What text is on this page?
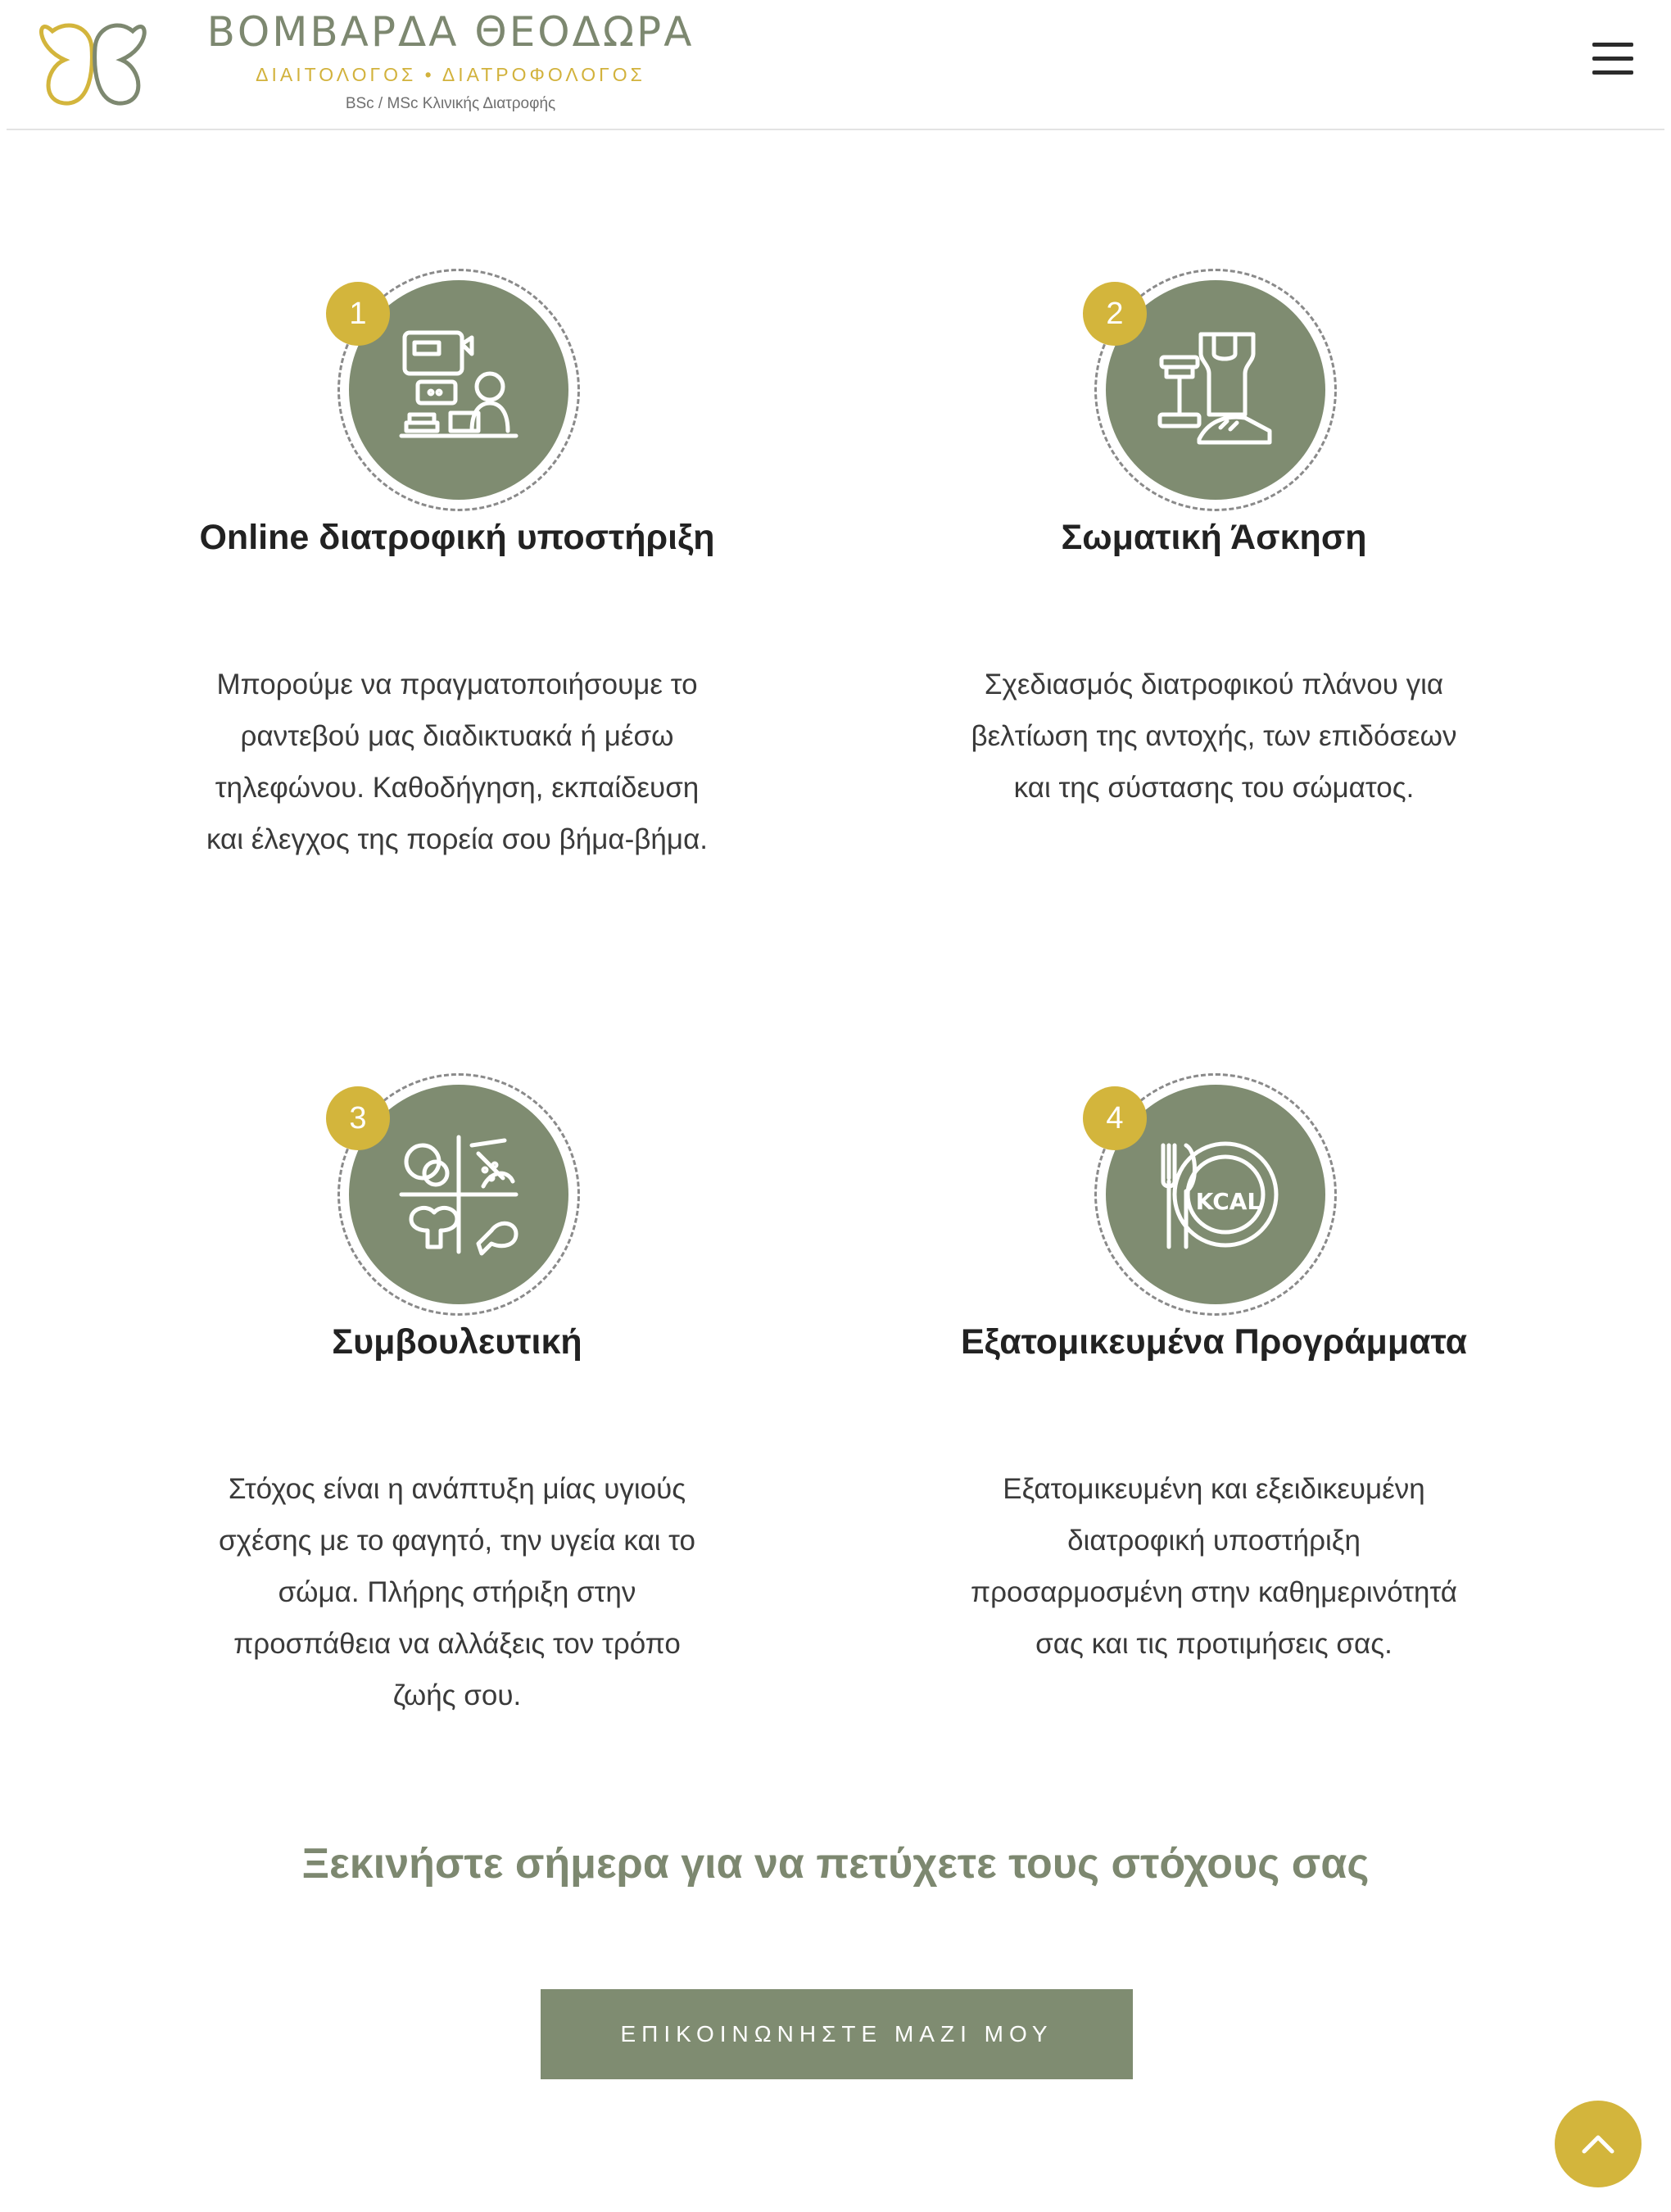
ΒΟΜΒΑΡΔΑ ΘΕΟΔΩΡΑ
ΔΙΑΙΤΟΛΟΓΟΣ • ΔΙΑΤΡΟΦΟΛΟΓΟΣ
BSc / MSc Κλινικής Διατροφής
1
Online διατροφική υποστήριξη
Μπορούμε να πραγματοποιήσουμε το
ραντεβού μας διαδικτυακά ή μέσω
τηλεφώνου. Καθοδήγηση, εκπαίδευση
και έλεγχος της πορεία σου βήμα-βήμα.
2
Σωματική Άσκηση
Σχεδιασμός διατροφικού πλάνου για
βελτίωση της αντοχής, των επιδόσεων
και της σύστασης του σώματος.
3
Συμβουλευτική
Στόχος είναι η ανάπτυξη μίας υγιούς
σχέσης με το φαγητό, την υγεία και το
σώμα. Πλήρης στήριξη στην
προσπάθεια να αλλάξεις τον τρόπο
ζωής σου.
KCAL
4
Εξατομικευμένα Προγράμματα
Εξατομικευμένη και εξειδικευμένη
διατροφική υποστήριξη
προσαρμοσμένη στην καθημερινότητά
σας και τις προτιμήσεις σας.
Ξεκινήστε σήμερα για να πετύχετε τους στόχους σας
ΕΠΙΚΟΙΝΩΝΗΣΤΕ ΜΑΖΙ ΜΟΥ
